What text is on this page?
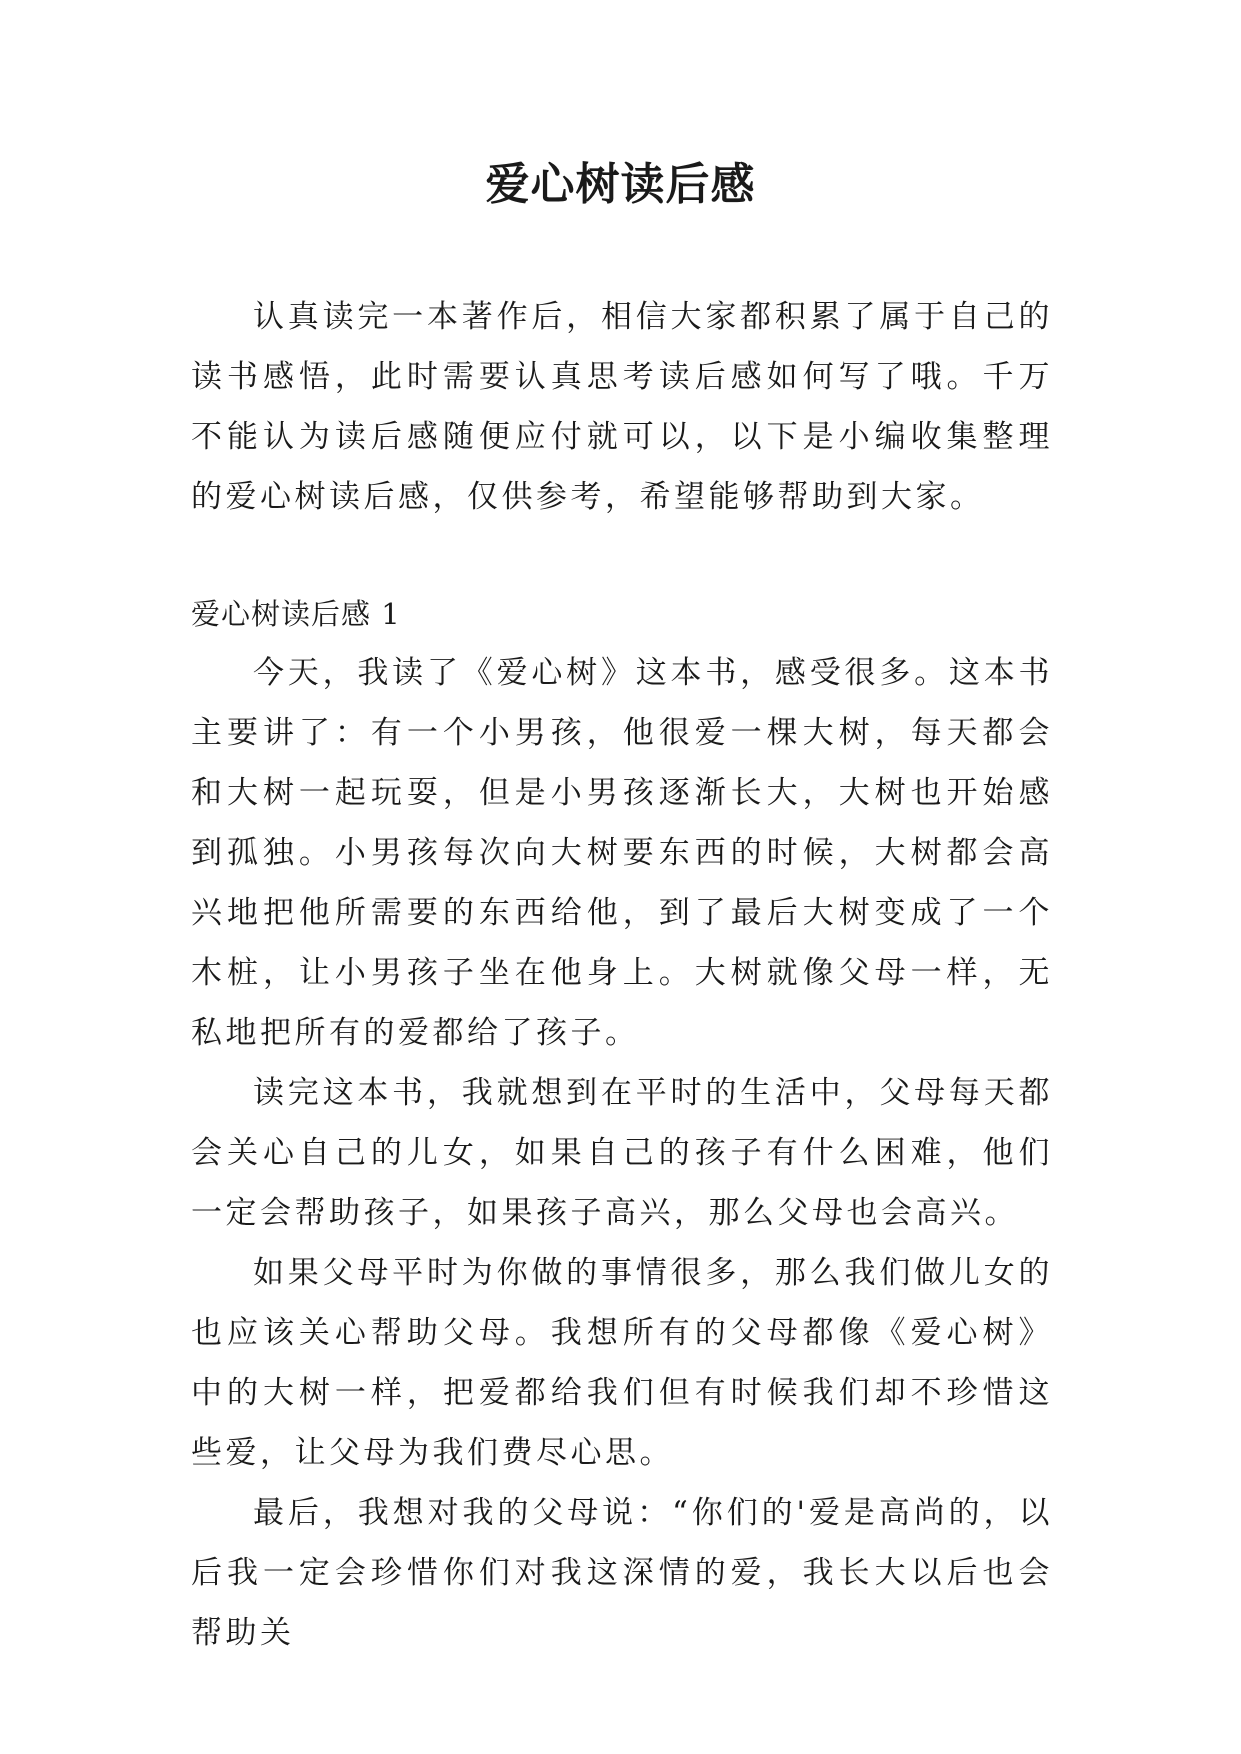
爱心树读后感

认真读完一本著作后，相信大家都积累了属于自己的读书感悟，此时需要认真思考读后感如何写了哦。千万不能认为读后感随便应付就可以，以下是小编收集整理的爱心树读后感，仅供参考，希望能够帮助到大家。

爱心树读后感 1

今天，我读了《爱心树》这本书，感受很多。这本书主要讲了：有一个小男孩，他很爱一棵大树，每天都会和大树一起玩耍，但是小男孩逐渐长大，大树也开始感到孤独。小男孩每次向大树要东西的时候，大树都会高兴地把他所需要的东西给他，到了最后大树变成了一个木桩，让小男孩子坐在他身上。大树就像父母一样，无私地把所有的爱都给了孩子。

读完这本书，我就想到在平时的生活中，父母每天都会关心自己的儿女，如果自己的孩子有什么困难，他们一定会帮助孩子，如果孩子高兴，那么父母也会高兴。

如果父母平时为你做的事情很多，那么我们做儿女的也应该关心帮助父母。我想所有的父母都像《爱心树》中的大树一样，把爱都给我们但有时候我们却不珍惜这些爱，让父母为我们费尽心思。

最后，我想对我的父母说：“你们的'爱是高尚的，以后我一定会珍惜你们对我这深情的爱，我长大以后也会帮助关
